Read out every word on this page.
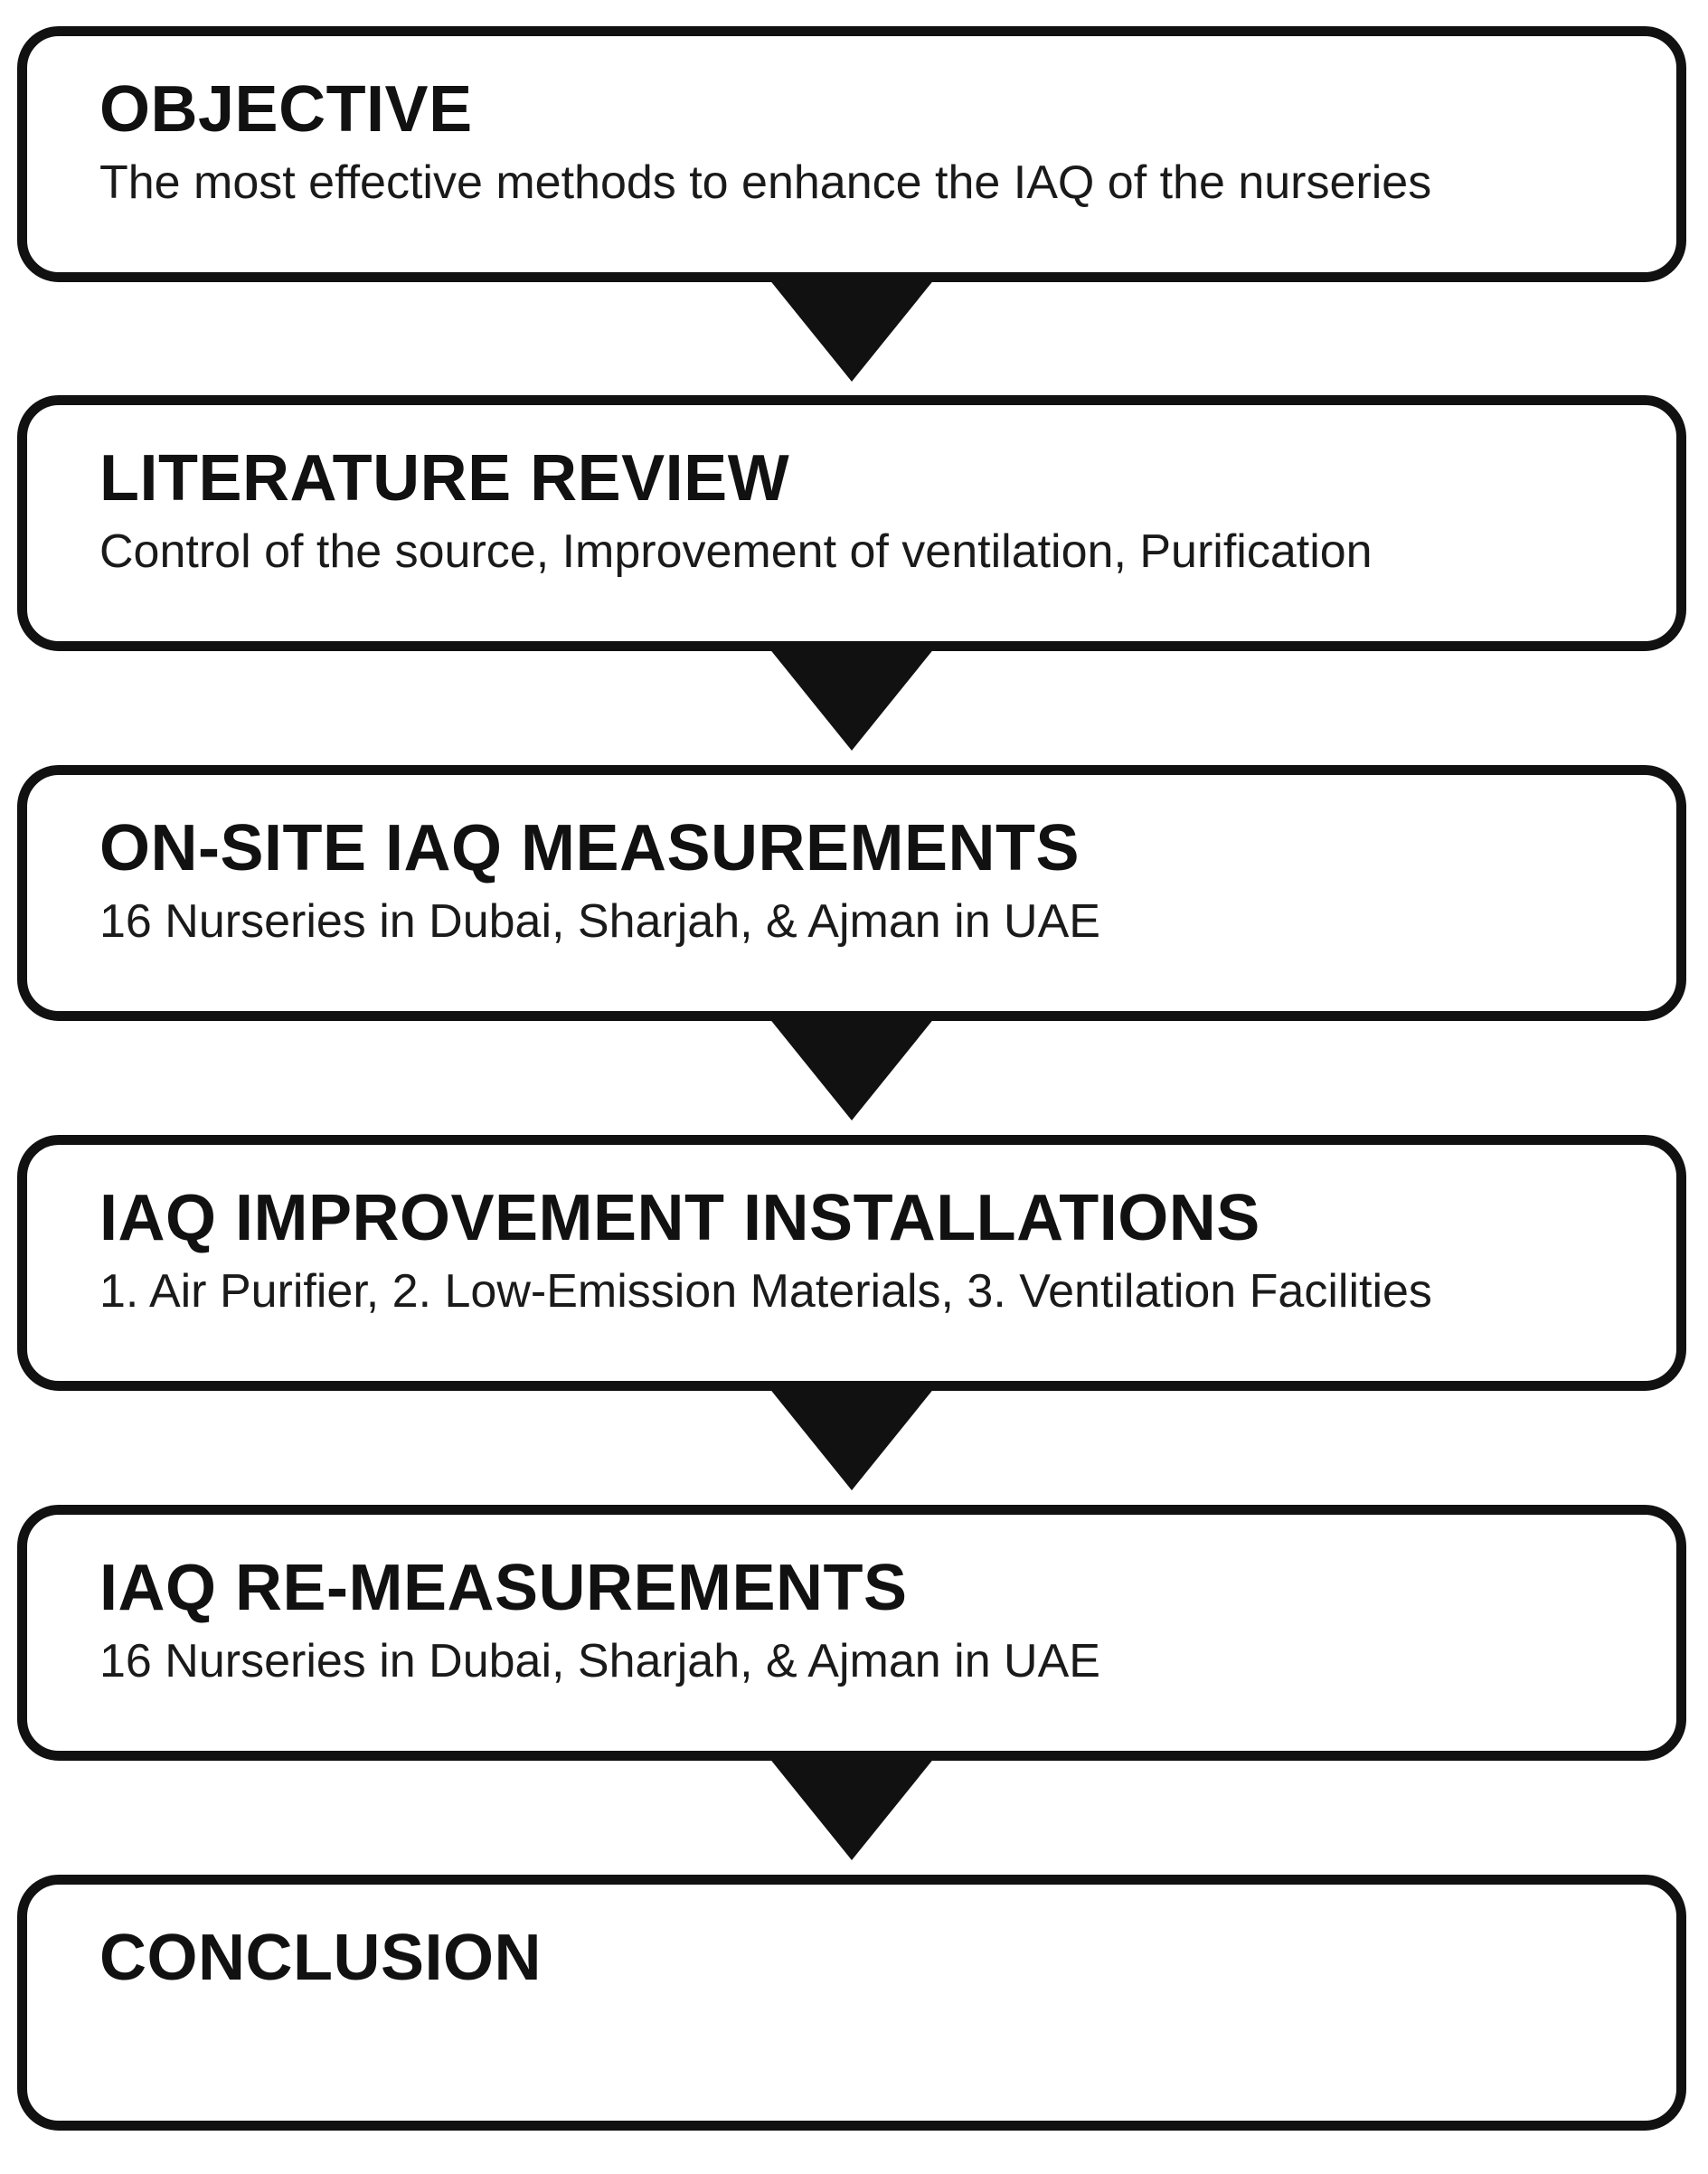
OBJECTIVE
The most effective methods to enhance the IAQ of the nurseries
LITERATURE REVIEW
Control of the source, Improvement of ventilation, Purification
ON-SITE IAQ MEASUREMENTS
16 Nurseries in Dubai, Sharjah, & Ajman in UAE
IAQ IMPROVEMENT INSTALLATIONS
1. Air Purifier, 2. Low-Emission Materials, 3. Ventilation Facilities
IAQ RE-MEASUREMENTS
16 Nurseries in Dubai, Sharjah, & Ajman in UAE
CONCLUSION
